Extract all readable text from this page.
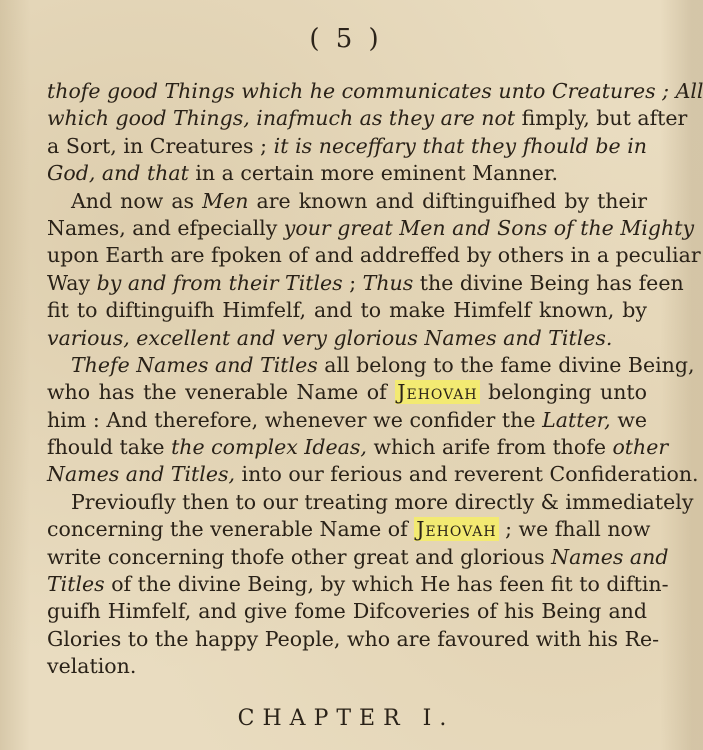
( 5 )
thofe good Things which he communicates unto Creatures ; All
which good Things, inafmuch as they are not fimply, but after
a Sort, in Creatures ; it is neceffary that they fhould be in
God, and that in a certain more eminent Manner.
And now as Men are known and diftinguifhed by their
Names, and efpecially your great Men and Sons of the Mighty
upon Earth are fpoken of and addreffed by others in a peculiar
Way by and from their Titles ; Thus the divine Being has feen
fit to diftinguifh Himfelf, and to make Himfelf known, by
various, excellent and very glorious Names and Titles.
Thefe Names and Titles all belong to the fame divine Being,
who has the venerable Name of Jehovah belonging unto
him : And therefore, whenever we confider the Latter, we
fhould take the complex Ideas, which arife from thofe other
Names and Titles, into our ferious and reverent Confideration.
Previoufly then to our treating more directly & immediately
concerning the venerable Name of Jehovah ; we fhall now
write concerning thofe other great and glorious Names and
Titles of the divine Being, by which He has feen fit to diftin-
guifh Himfelf, and give fome Difcoveries of his Being and
Glories to the happy People, who are favoured with his Re-
velation.
CHAPTER I.
